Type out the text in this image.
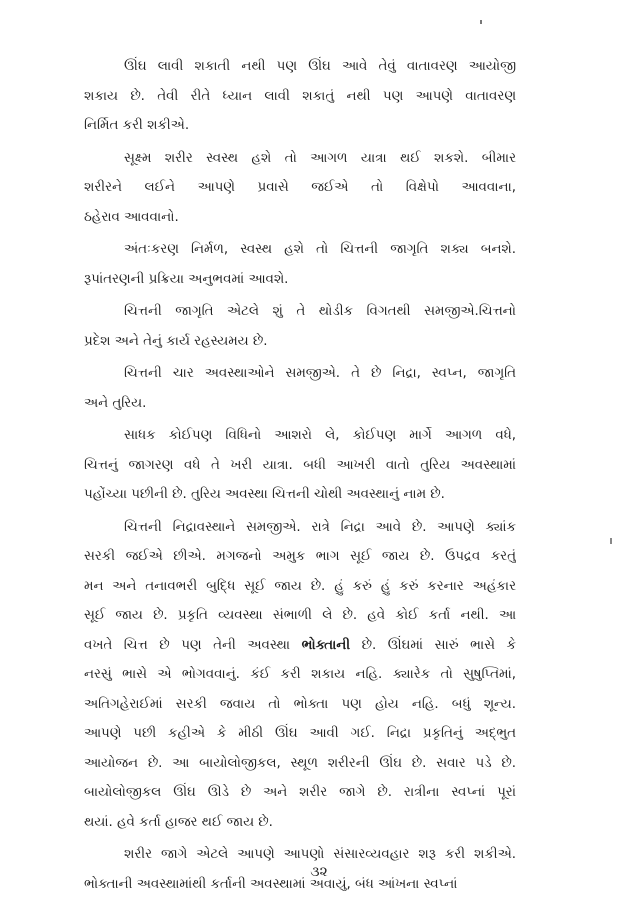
ઊંઘ લાવી શકાતી નથી પણ ઊંઘ આવે તેવું વાતાવરણ આયોજી
શકાય છે. તેવી રીતે ધ્યાન લાવી શકાતું નથી પણ આપણે વાતાવરણ
નિર્મિત કરી શકીએ.
સૂક્ષ્મ શરીર સ્વસ્થ હશે તો આગળ યાત્રા થઈ શકશે. બીમાર
શરીરને લઈને આપણે પ્રવાસે જઈએ તો વિક્ષેપો આવવાના,
ઠહેરાવ આવવાનો.
અંતઃકરણ નિર્મળ, સ્વસ્થ હશે તો ચિત્તની જાગૃતિ શક્ય બનશે.
રૂપાંતરણની પ્રક્રિયા અનુભવમાં આવશે.
ચિત્તની જાગૃતિ એટલે શું તે થોડીક વિગતથી સમજીએ.ચિત્તનો
પ્રદેશ અને તેનું કાર્ય રહસ્યમય છે.
ચિત્તની ચાર અવસ્થાઓને સમજીએ. તે છે નિદ્રા, સ્વપ્ન, જાગૃતિ
અને તુરિય.
સાધક કોઈપણ વિધિનો આશરો લે, કોઈપણ માર્ગે આગળ વધે,
ચિત્તનું જાગરણ વધે તે ખરી યાત્રા. બધી આખરી વાતો તુરિય અવસ્થામાં
પહોંચ્યા પછીની છે. તુરિય અવસ્થા ચિત્તની ચોથી અવસ્થાનું નામ છે.
ચિત્તની નિદ્રાવસ્થાને સમજીએ. રાત્રે નિદ્રા આવે છે. આપણે ક્યાંક
સરકી જઈએ છીએ. મગજનો અમુક ભાગ સૂઈ જાય છે. ઉપદ્રવ કરતું
મન અને તનાવભરી બુદ્ધિ સૂઈ જાય છે. હું કરું હું કરું કરનાર અહંકાર
સૂઈ જાય છે. પ્રકૃતિ વ્યવસ્થા સંભાળી લે છે. હવે કોઈ કર્તા નથી. આ
વખતે ચિત્ત છે પણ તેની અવસ્થા ભોક્તાની છે. ઊંઘમાં સારું ભાસે કે
નરસું ભાસે એ ભોગવવાનું. કંઈ કરી શકાય નહિ. ક્યારેક તો સુષુપ્તિમાં,
અતિગહેરાઈમાં સરકી જવાય તો ભોક્તા પણ હોય નહિ. બધું શૂન્ય.
આપણે પછી કહીએ કે મીઠી ઊંઘ આવી ગઈ. નિદ્રા પ્રકૃતિનું અદ્ભુત
આયોજન છે. આ બાયોલોજીકલ, સ્થૂળ શરીરની ઊંઘ છે. સવાર પડે છે.
બાયોલોજીકલ ઊંઘ ઊડે છે અને શરીર જાગે છે. રાત્રીના સ્વપ્નાં પૂરાં
થયાં. હવે કર્તા હાજર થઈ જાય છે.
શરીર જાગે એટલે આપણે આપણો સંસારવ્યવહાર શરૂ કરી શકીએ.
ભોક્તાની અવસ્થામાંથી કર્તાની અવસ્થામાં અવાયું, બંધ આંખના સ્વપ્નાં
૩૨
